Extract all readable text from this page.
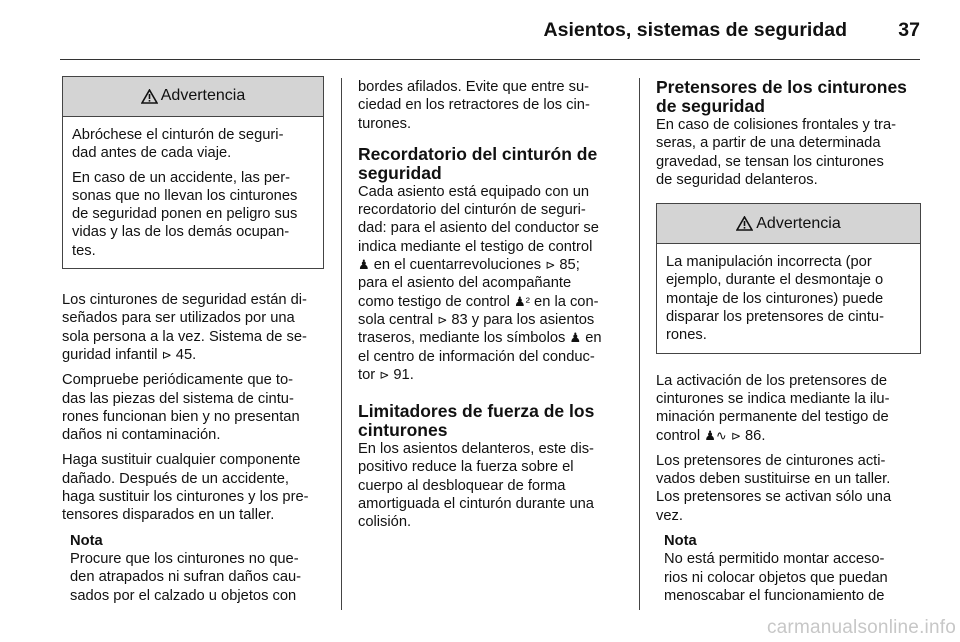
Asientos, sistemas de seguridad	37
Advertencia

Abróchese el cinturón de seguri-
dad antes de cada viaje.

En caso de un accidente, las per-
sonas que no llevan los cinturones
de seguridad ponen en peligro sus
vidas y las de los demás ocupan-
tes.

Los cinturones de seguridad están di-
señados para ser utilizados por una
sola persona a la vez. Sistema de se-
guridad infantil ⊳ 45.

Compruebe periódicamente que to-
das las piezas del sistema de cintu-
rones funcionan bien y no presentan
daños ni contaminación.

Haga sustituir cualquier componente
dañado. Después de un accidente,
haga sustituir los cinturones y los pre-
tensores disparados en un taller.

Nota
Procure que los cinturones no que-
den atrapados ni sufran daños cau-
sados por el calzado u objetos con

bordes afilados. Evite que entre su-
ciedad en los retractores de los cin-
turones.

Recordatorio del cinturón de
seguridad

Cada asiento está equipado con un
recordatorio del cinturón de seguri-
dad: para el asiento del conductor se
indica mediante el testigo de control
♟ en el cuentarrevoluciones ⊳ 85;
para el asiento del acompañante
como testigo de control ♟² en la con-
sola central ⊳ 83 y para los asientos
traseros, mediante los símbolos ♟ en
el centro de información del conduc-
tor ⊳ 91.

Limitadores de fuerza de los
cinturones

En los asientos delanteros, este dis-
positivo reduce la fuerza sobre el
cuerpo al desbloquear de forma
amortiguada el cinturón durante una
colisión.

Pretensores de los cinturones
de seguridad

En caso de colisiones frontales y tra-
seras, a partir de una determinada
gravedad, se tensan los cinturones
de seguridad delanteros.

Advertencia

La manipulación incorrecta (por
ejemplo, durante el desmontaje o
montaje de los cinturones) puede
disparar los pretensores de cintu-
rones.

La activación de los pretensores de
cinturones se indica mediante la ilu-
minación permanente del testigo de
control ♟∿ ⊳ 86.

Los pretensores de cinturones acti-
vados deben sustituirse en un taller.
Los pretensores se activan sólo una
vez.

Nota
No está permitido montar acceso-
rios ni colocar objetos que puedan
menoscabar el funcionamiento de
carmanualsonline.info
